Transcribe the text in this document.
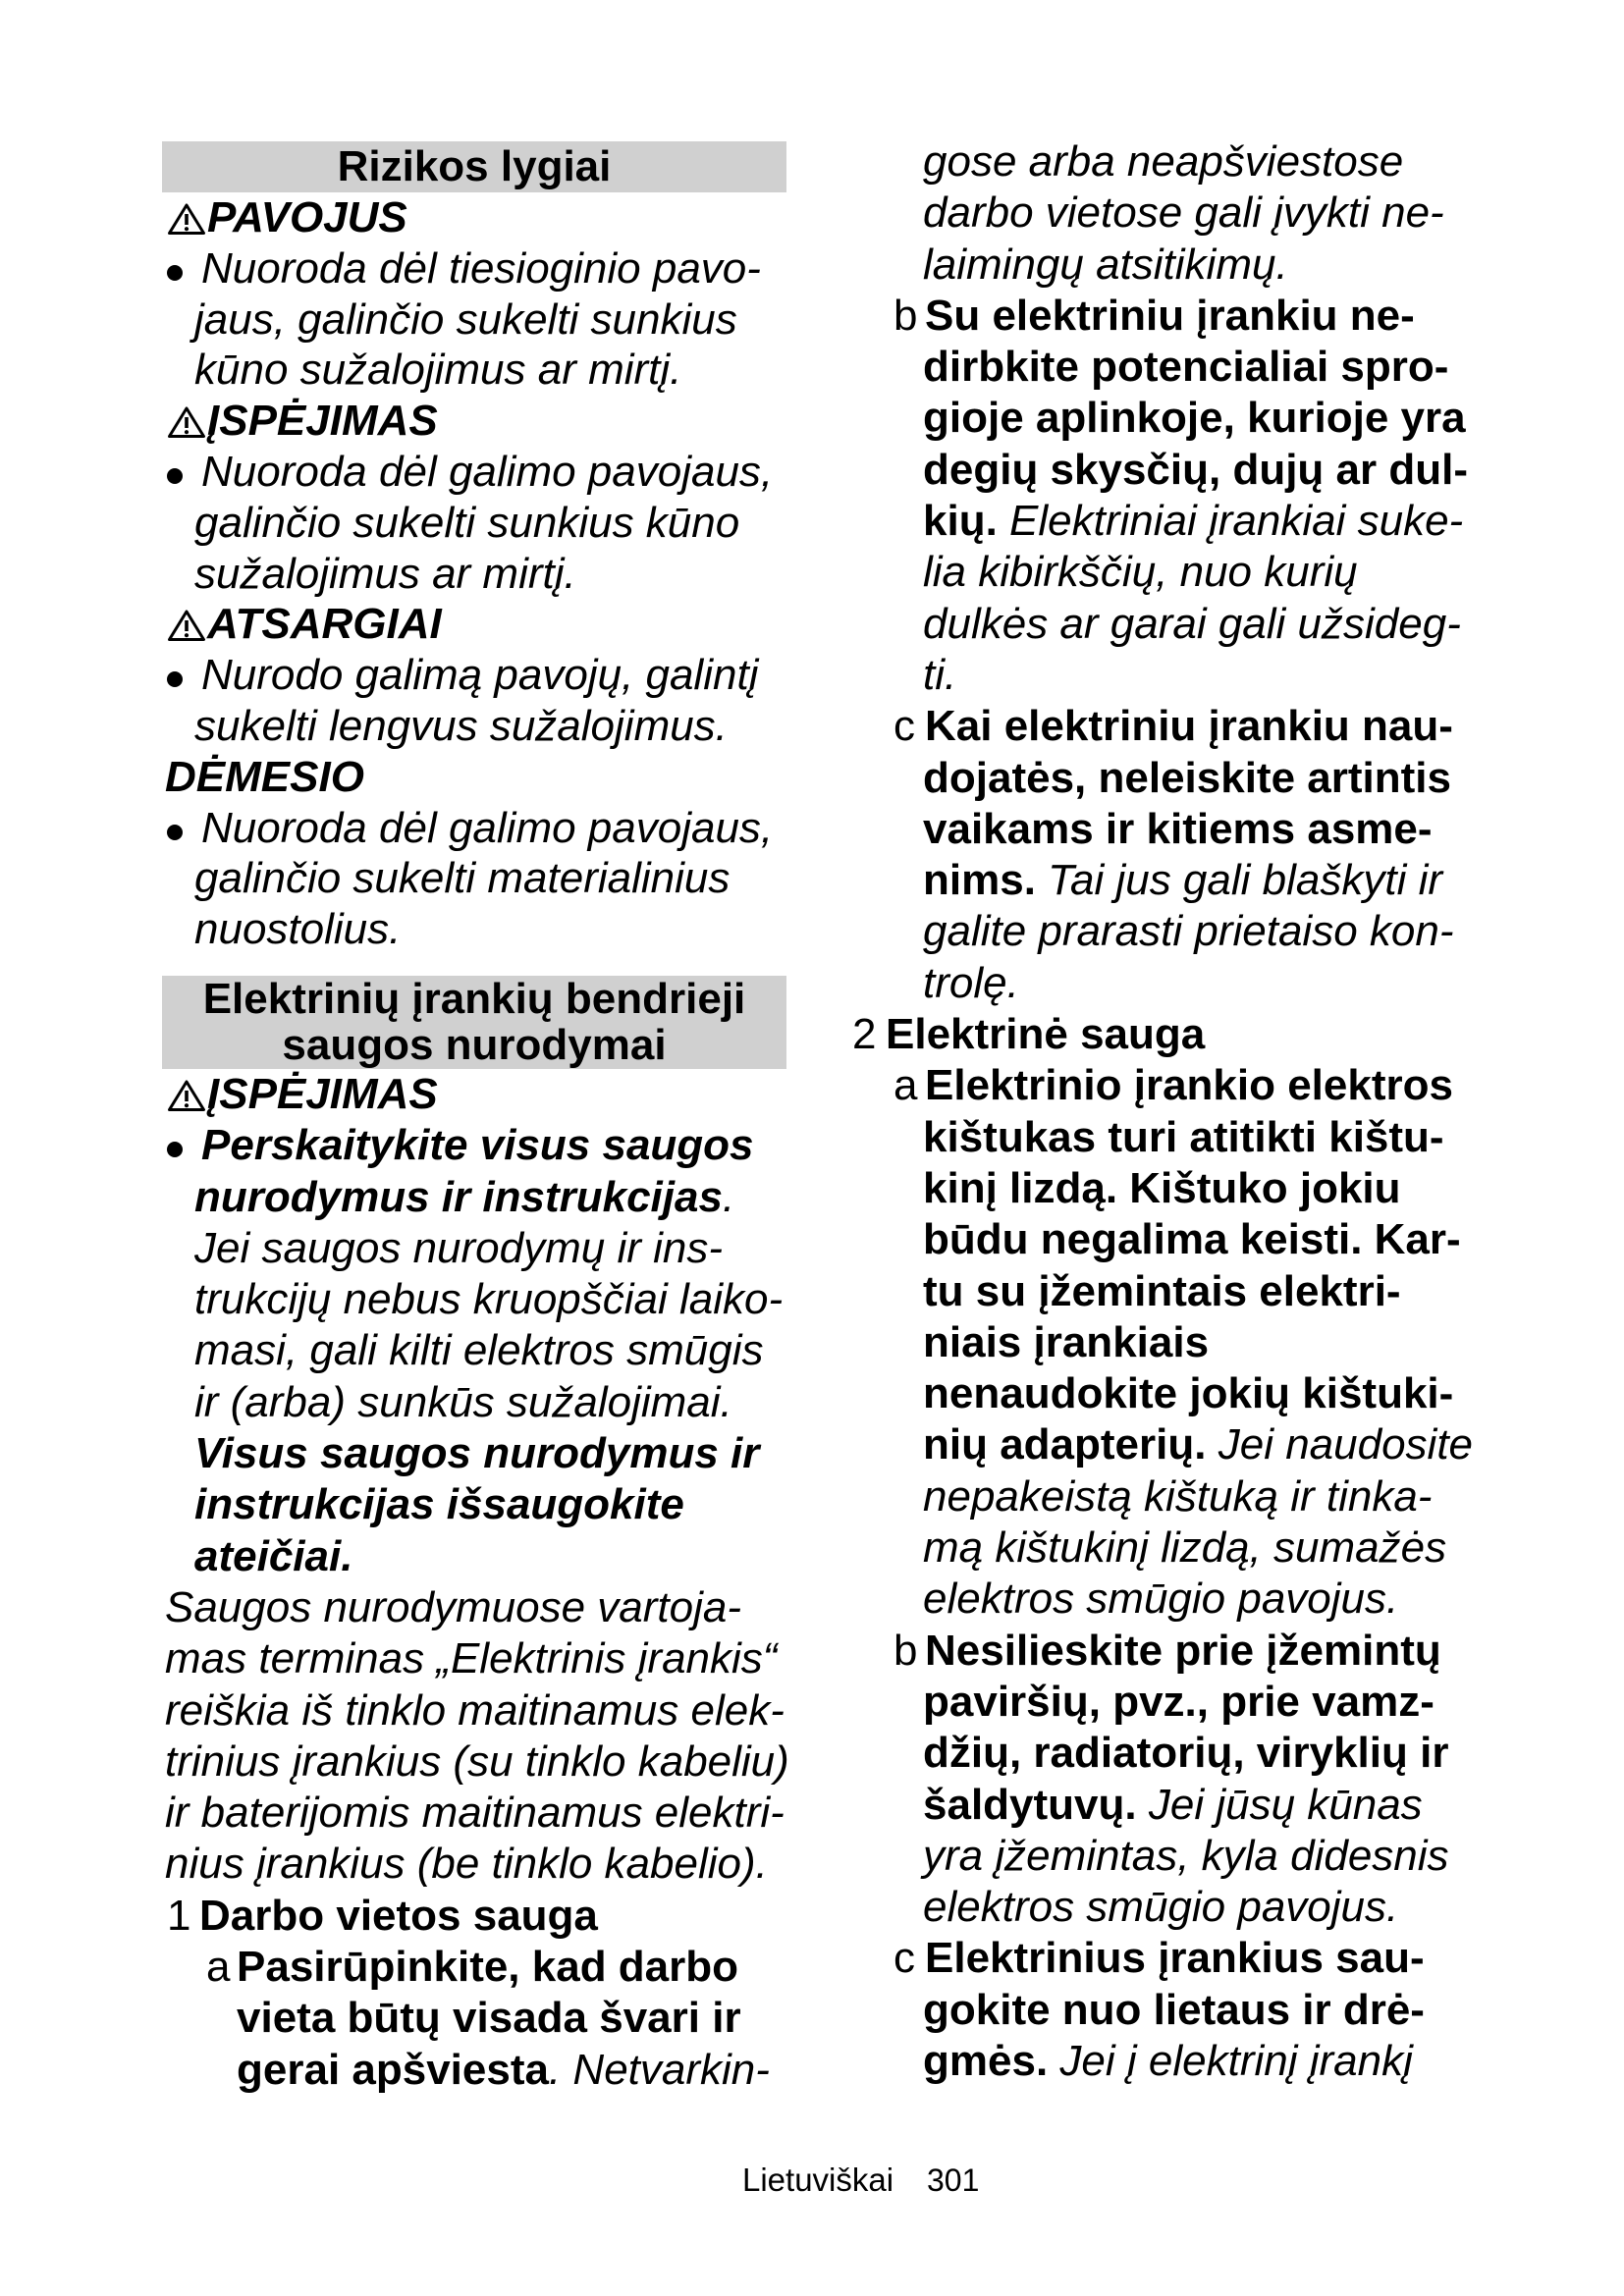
Rizikos lygiai
PAVOJUS
Nuoroda dėl tiesioginio pavo-
jaus, galinčio sukelti sunkius
kūno sužalojimus ar mirtį.
ĮSPĖJIMAS
Nuoroda dėl galimo pavojaus,
galinčio sukelti sunkius kūno
sužalojimus ar mirtį.
ATSARGIAI
Nurodo galimą pavojų, galintį
sukelti lengvus sužalojimus.
DĖMESIO
Nuoroda dėl galimo pavojaus,
galinčio sukelti materialinius
nuostolius.
Elektrinių įrankių bendrieji
saugos nurodymai
ĮSPĖJIMAS
Perskaitykite visus saugos
nurodymus ir instrukcijas.
Jei saugos nurodymų ir ins-
trukcijų nebus kruopščiai laiko-
masi, gali kilti elektros smūgis
ir (arba) sunkūs sužalojimai.
Visus saugos nurodymus ir
instrukcijas išsaugokite
ateičiai.
Saugos nurodymuose vartoja-
mas terminas „Elektrinis įrankis“
reiškia iš tinklo maitinamus elek-
trinius įrankius (su tinklo kabeliu)
ir baterijomis maitinamus elektri-
nius įrankius (be tinklo kabelio).
1 Darbo vietos sauga
a Pasirūpinkite, kad darbo
vieta būtų visada švari ir
gerai apšviesta. Netvarkin-
gose arba neapšviestose
darbo vietose gali įvykti ne-
laimingų atsitikimų.
b Su elektriniu įrankiu ne-
dirbkite potencialiai spro-
gioje aplinkoje, kurioje yra
degių skysčių, dujų ar dul-
kių. Elektriniai įrankiai suke-
lia kibirkščių, nuo kurių
dulkės ar garai gali užsideg-
ti.
c Kai elektriniu įrankiu nau-
dojatės, neleiskite artintis
vaikams ir kitiems asme-
nims. Tai jus gali blaškyti ir
galite prarasti prietaiso kon-
trolę.
2 Elektrinė sauga
a Elektrinio įrankio elektros
kištukas turi atitikti kištu-
kinį lizdą. Kištuko jokiu
būdu negalima keisti. Kar-
tu su įžemintais elektri-
niais įrankiais
nenaudokite jokių kištuki-
nių adapterių. Jei naudosite
nepakeistą kištuką ir tinka-
mą kištukinį lizdą, sumažės
elektros smūgio pavojus.
b Nesilieskite prie įžemintų
paviršių, pvz., prie vamz-
džių, radiatorių, viryklių ir
šaldytuvų. Jei jūsų kūnas
yra įžemintas, kyla didesnis
elektros smūgio pavojus.
c Elektrinius įrankius sau-
gokite nuo lietaus ir drė-
gmės. Jei į elektrinį įrankį
Lietuviškai 301
